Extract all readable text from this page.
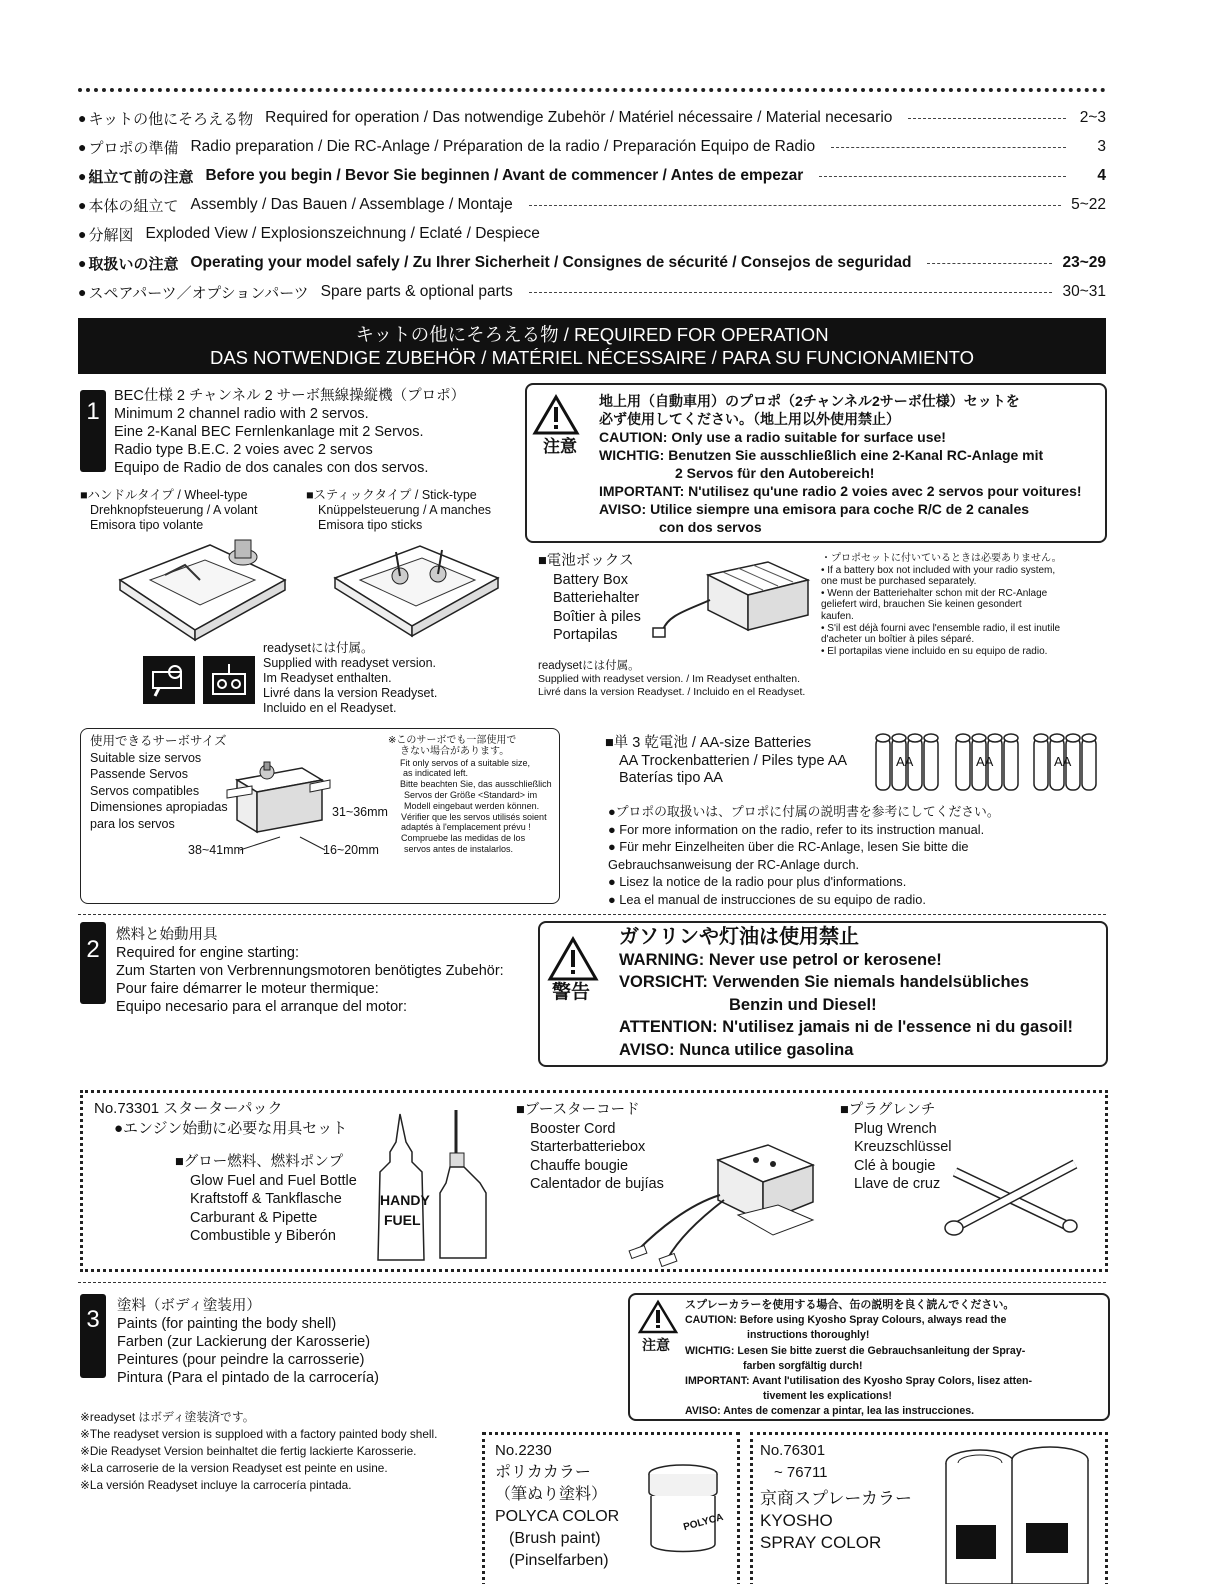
● キットの他にそろえる物 Required for operation / Das notwendige Zubehör / Matériel nécessaire / Material necesario	2~3
● プロポの準備 Radio preparation / Die RC-Anlage / Préparation de la radio / Preparación Equipo de Radio	3
● 組立て前の注意 Before you begin / Bevor Sie beginnen / Avant de commencer / Antes de empezar	4
● 本体の組立て Assembly / Das Bauen / Assemblage / Montaje	5~22
● 分解図 Exploded View / Explosionszeichnung / Eclaté / Despiece
● 取扱いの注意 Operating your model safely / Zu Ihrer Sicherheit / Consignes de sécurité / Consejos de seguridad	23~29
● スペアパーツ／オプションパーツ Spare parts & optional parts	30~31
キットの他にそろえる物 / REQUIRED FOR OPERATION
DAS NOTWENDIGE ZUBEHÖR / MATÉRIEL NÉCESSAIRE / PARA SU FUNCIONAMIENTO
1
BEC仕様 2 チャンネル 2 サーボ無線操縦機（プロポ）
Minimum 2 channel radio with 2 servos.
Eine 2-Kanal BEC Fernlenkanlage mit 2 Servos.
Radio type B.E.C. 2 voies avec 2 servos
Equipo de Radio de dos canales con dos servos.
■ハンドルタイプ / Wheel-type
Drehknopfsteuerung / A volant
Emisora tipo volante
■スティックタイプ / Stick-type
Knüppelsteuerung / A manches
Emisora tipo sticks
readysetには付属。
Supplied with readyset version.
Im Readyset enthalten.
Livré dans la version Readyset.
Incluido en el Readyset.
注意
地上用（自動車用）のプロポ（2チャンネル2サーボ仕様）セットを
必ず使用してください。（地上用以外使用禁止）
CAUTION: Only use a radio suitable for surface use!
WICHTIG: Benutzen Sie ausschließlich eine 2-Kanal RC-Anlage mit
2 Servos für den Autobereich!
IMPORTANT: N'utilisez qu'une radio 2 voies avec 2 servos pour voitures!
AVISO: Utilice siempre una emisora para coche R/C de 2 canales
con dos servos
■電池ボックス
Battery Box
Batteriehalter
Boîtier à piles
Portapilas
readysetには付属。
Supplied with readyset version. / Im Readyset enthalten.
Livré dans la version Readyset. / Incluido en el Readyset.
・プロポセットに付いているときは必要ありません。
• If a battery box not included with your radio system,
one must be purchased separately.
• Wenn der Batteriehalter schon mit der RC-Anlage
geliefert wird, brauchen Sie keinen gesondert
kaufen.
• S'il est déjà fourni avec l'ensemble radio, il est inutile
d'acheter un boîtier à piles séparé.
• El portapilas viene incluido en su equipo de radio.
使用できるサーボサイズ
Suitable size servos
Passende Servos
Servos compatibles
Dimensiones apropiadas
para los servos
31~36mm
38~41mm	16~20mm
※このサーボでも一部使用で
きない場合があります。
Fit only servos of a suitable size,
as indicated left.
Bitte beachten Sie, das ausschließlich
Servos der Größe <Standard> im
Modell eingebaut werden können.
Vérifier que les servos utilisés soient
adaptés à l'emplacement prévu !
Compruebe las medidas de los
servos antes de instalarlos.
■単 3 乾電池 / AA-size Batteries
AA Trockenbatterien / Piles type AA
Baterías tipo AA
AA	AA	AA
●プロポの取扱いは、プロポに付属の説明書を参考にしてください。
● For more information on the radio, refer to its instruction manual.
● Für mehr Einzelheiten über die RC-Anlage, lesen Sie bitte die
Gebrauchsanweisung der RC-Anlage durch.
● Lisez la notice de la radio pour plus d'informations.
● Lea el manual de instrucciones de su equipo de radio.
2
燃料と始動用具
Required for engine starting:
Zum Starten von Verbrennungsmotoren benötigtes Zubehör:
Pour faire démarrer le moteur thermique:
Equipo necesario para el arranque del motor:
警告
ガソリンや灯油は使用禁止
WARNING: Never use petrol or kerosene!
VORSICHT: Verwenden Sie niemals handelsübliches
Benzin und Diesel!
ATTENTION: N'utilisez jamais ni de l'essence ni du gasoil!
AVISO: Nunca utilice gasolina
No.73301 スターターパック
●エンジン始動に必要な用具セット
■グロー燃料、燃料ポンプ
Glow Fuel and Fuel Bottle
Kraftstoff & Tankflasche
Carburant & Pipette
Combustible y Biberón
HANDY
FUEL
■ブースターコード
Booster Cord
Starterbatteriebox
Chauffe bougie
Calentador de bujías
■プラグレンチ
Plug Wrench
Kreuzschlüssel
Clé à bougie
Llave de cruz
3	塗料（ボディ塗装用）
Paints (for painting the body shell)
Farben (zur Lackierung der Karosserie)
Peintures (pour peindre la carrosserie)
Pintura (Para el pintado de la carrocería)
注意
スプレーカラーを使用する場合、缶の説明を良く読んでください。
CAUTION: Before using Kyosho Spray Colours, always read the
instructions thoroughly!
WICHTIG: Lesen Sie bitte zuerst die Gebrauchsanleitung der Spray-
farben sorgfältig durch!
IMPORTANT: Avant l'utilisation des Kyosho Spray Colors, lisez atten-
tivement les explications!
AVISO: Antes de comenzar a pintar, lea las instrucciones.
※readyset はボディ塗装済です。
※The readyset version is supploed with a factory painted body shell.
※Die Readyset Version beinhaltet die fertig lackierte Karosserie.
※La carroserie de la version Readyset est peinte en usine.
※La versión Readyset incluye la carrocería pintada.
No.2230
ポリカカラー
（筆ぬり塗料）
POLYCA COLOR
(Brush paint)
(Pinselfarben)
POLYCA
No.76301
~ 76711
京商スプレーカラー
KYOSHO
SPRAY COLOR
